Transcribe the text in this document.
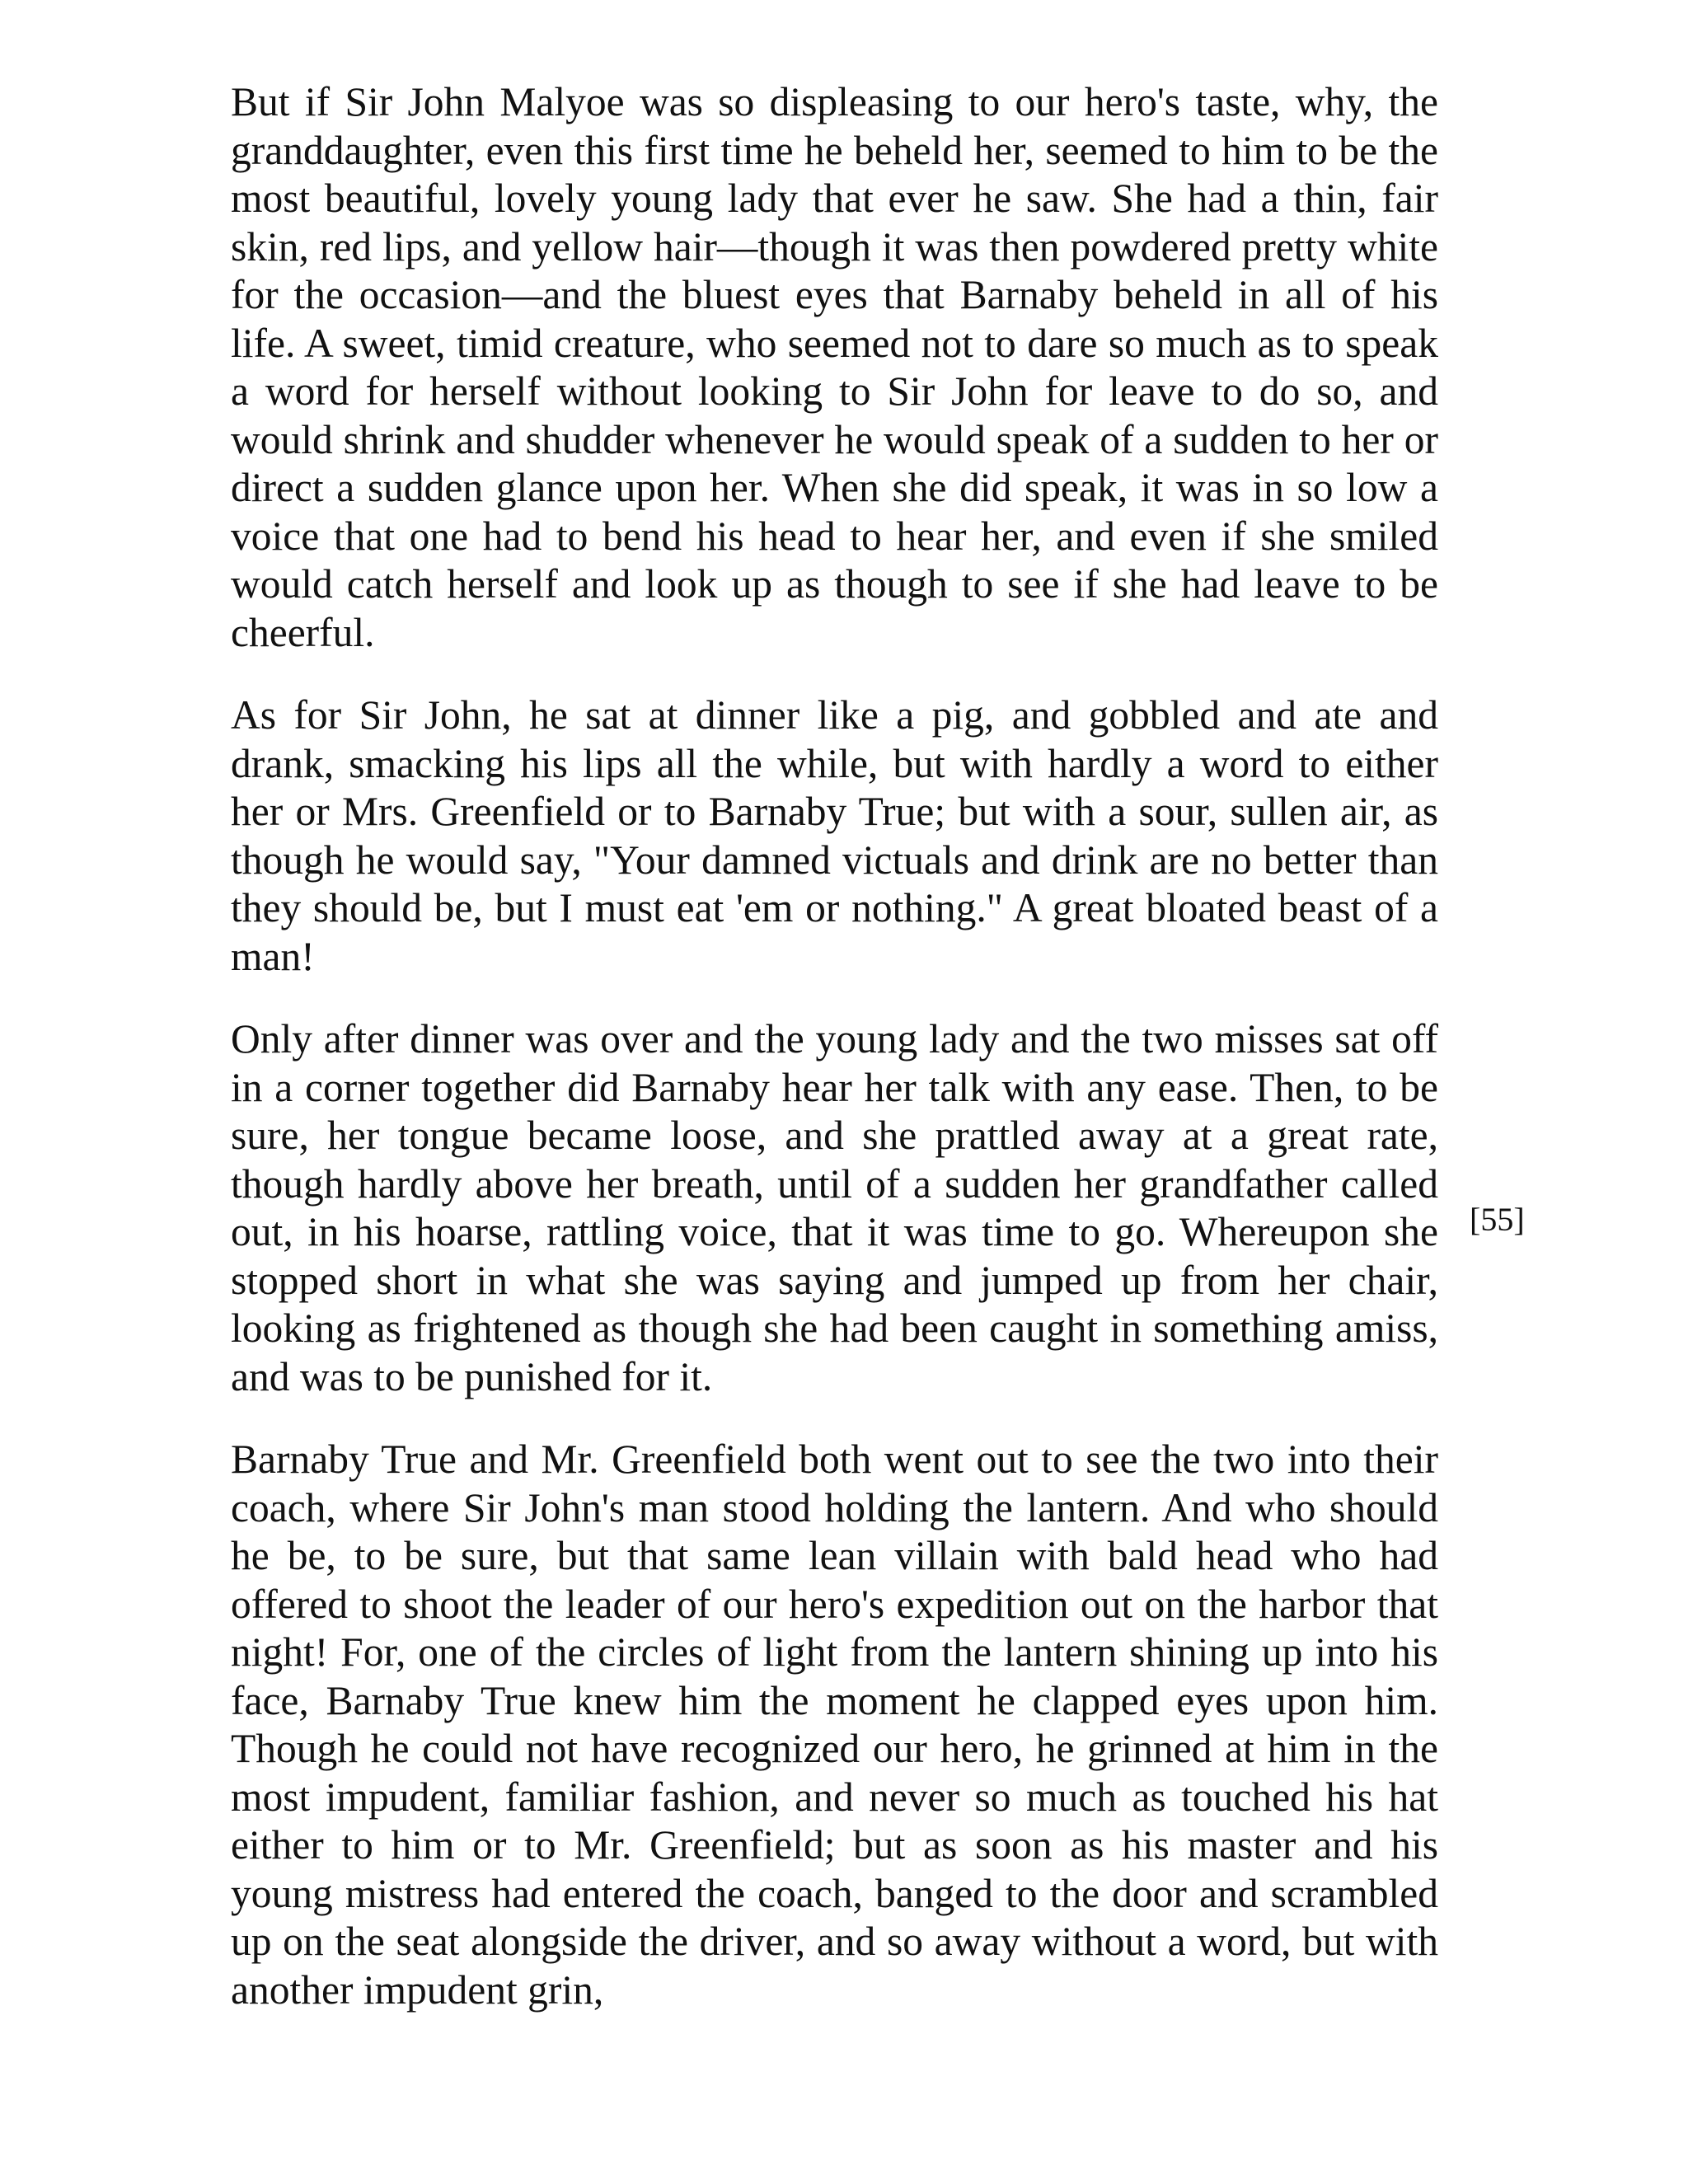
But if Sir John Malyoe was so displeasing to our hero's taste, why, the granddaughter, even this first time he beheld her, seemed to him to be the most beautiful, lovely young lady that ever he saw. She had a thin, fair skin, red lips, and yellow hair—though it was then powdered pretty white for the occasion—and the bluest eyes that Barnaby beheld in all of his life. A sweet, timid creature, who seemed not to dare so much as to speak a word for herself without looking to Sir John for leave to do so, and would shrink and shudder whenever he would speak of a sudden to her or direct a sudden glance upon her. When she did speak, it was in so low a voice that one had to bend his head to hear her, and even if she smiled would catch herself and look up as though to see if she had leave to be cheerful.

As for Sir John, he sat at dinner like a pig, and gobbled and ate and drank, smacking his lips all the while, but with hardly a word to either her or Mrs. Greenfield or to Barnaby True; but with a sour, sullen air, as though he would say, "Your damned victuals and drink are no better than they should be, but I must eat 'em or nothing." A great bloated beast of a man!

Only after dinner was over and the young lady and the two misses sat off in a corner together did Barnaby hear her talk with any ease. Then, to be sure, her tongue became loose, and she prattled away at a great rate, though hardly above her breath, until of a sudden her grandfather called out, in his hoarse, rattling voice, that it was time to go. Whereupon she stopped short in what she was saying and jumped up from her chair, looking as frightened as though she had been caught in something amiss, and was to be punished for it.

Barnaby True and Mr. Greenfield both went out to see the two into their coach, where Sir John's man stood holding the lantern. And who should he be, to be sure, but that same lean villain with bald head who had offered to shoot the leader of our hero's expedition out on the harbor that night! For, one of the circles of light from the lantern shining up into his face, Barnaby True knew him the moment he clapped eyes upon him. Though he could not have recognized our hero, he grinned at him in the most impudent, familiar fashion, and never so much as touched his hat either to him or to Mr. Greenfield; but as soon as his master and his young mistress had entered the coach, banged to the door and scrambled up on the seat alongside the driver, and so away without a word, but with another impudent grin,

[55]
